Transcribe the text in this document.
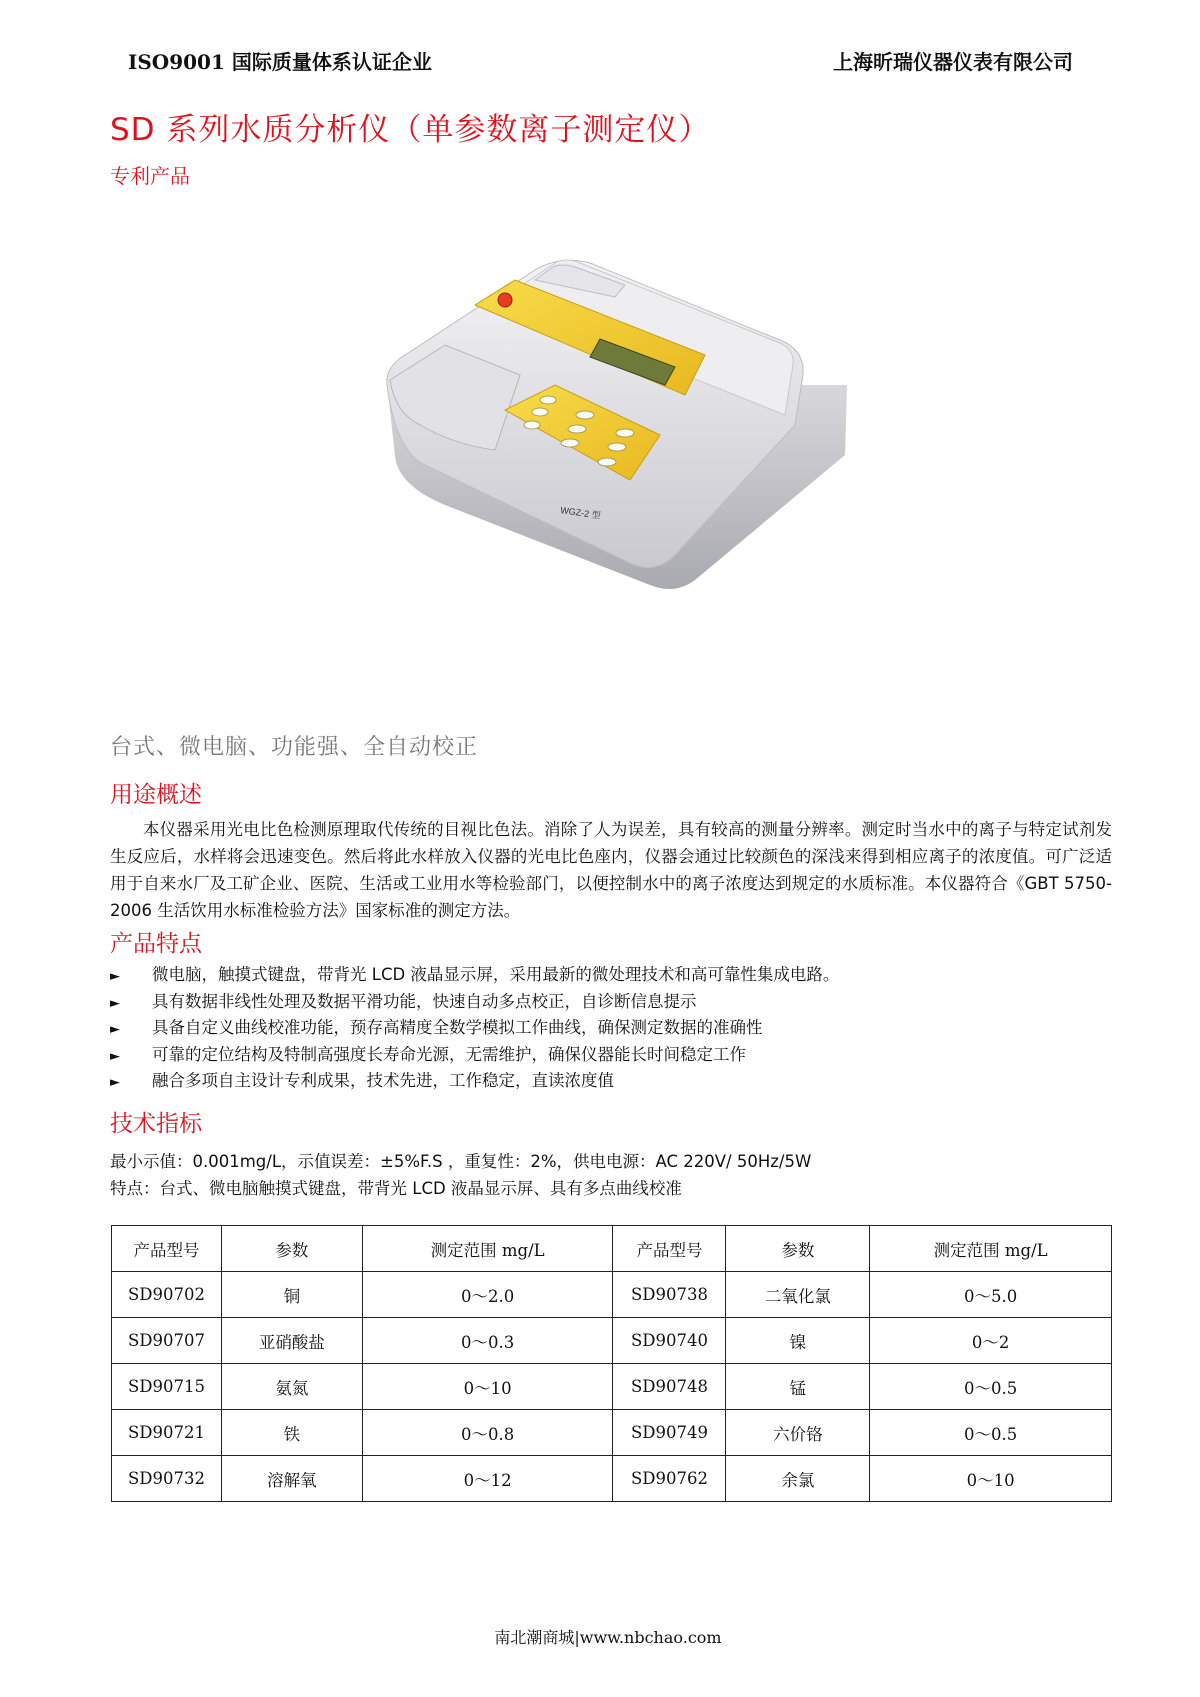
ISO9001 国际质量体系认证企业	上海昕瑞仪器仪表有限公司
SD 系列水质分析仪（单参数离子测定仪）
专利产品
WGZ-2 型
台式、微电脑、功能强、全自动校正
用途概述
本仪器采用光电比色检测原理取代传统的目视比色法。消除了人为误差，具有较高的测量分辨率。测定时当水中的离子与特定试剂发生反应后，水样将会迅速变色。然后将此水样放入仪器的光电比色座内，仪器会通过比较颜色的深浅来得到相应离子的浓度值。可广泛适用于自来水厂及工矿企业、医院、生活或工业用水等检验部门，以便控制水中的离子浓度达到规定的水质标准。本仪器符合《GBT 5750-2006 生活饮用水标准检验方法》国家标准的测定方法。
产品特点
► 微电脑，触摸式键盘，带背光 LCD 液晶显示屏，采用最新的微处理技术和高可靠性集成电路。
► 具有数据非线性处理及数据平滑功能，快速自动多点校正，自诊断信息提示
► 具备自定义曲线校准功能，预存高精度全数学模拟工作曲线，确保测定数据的准确性
► 可靠的定位结构及特制高强度长寿命光源，无需维护，确保仪器能长时间稳定工作
► 融合多项自主设计专利成果，技术先进，工作稳定，直读浓度值
技术指标
最小示值：0.001mg/L，示值误差：±5%F.S ，重复性：2%，供电电源：AC 220V/ 50Hz/5W
特点：台式、微电脑触摸式键盘，带背光 LCD 液晶显示屏、具有多点曲线校准
产品型号	参数	测定范围 mg/L	产品型号	参数	测定范围 mg/L
SD90702	铜	0～2.0	SD90738	二氧化氯	0～5.0
SD90707	亚硝酸盐	0～0.3	SD90740	镍	0～2
SD90715	氨氮	0～10	SD90748	锰	0～0.5
SD90721	铁	0～0.8	SD90749	六价铬	0～0.5
SD90732	溶解氧	0～12	SD90762	余氯	0～10
南北潮商城|www.nbchao.com
